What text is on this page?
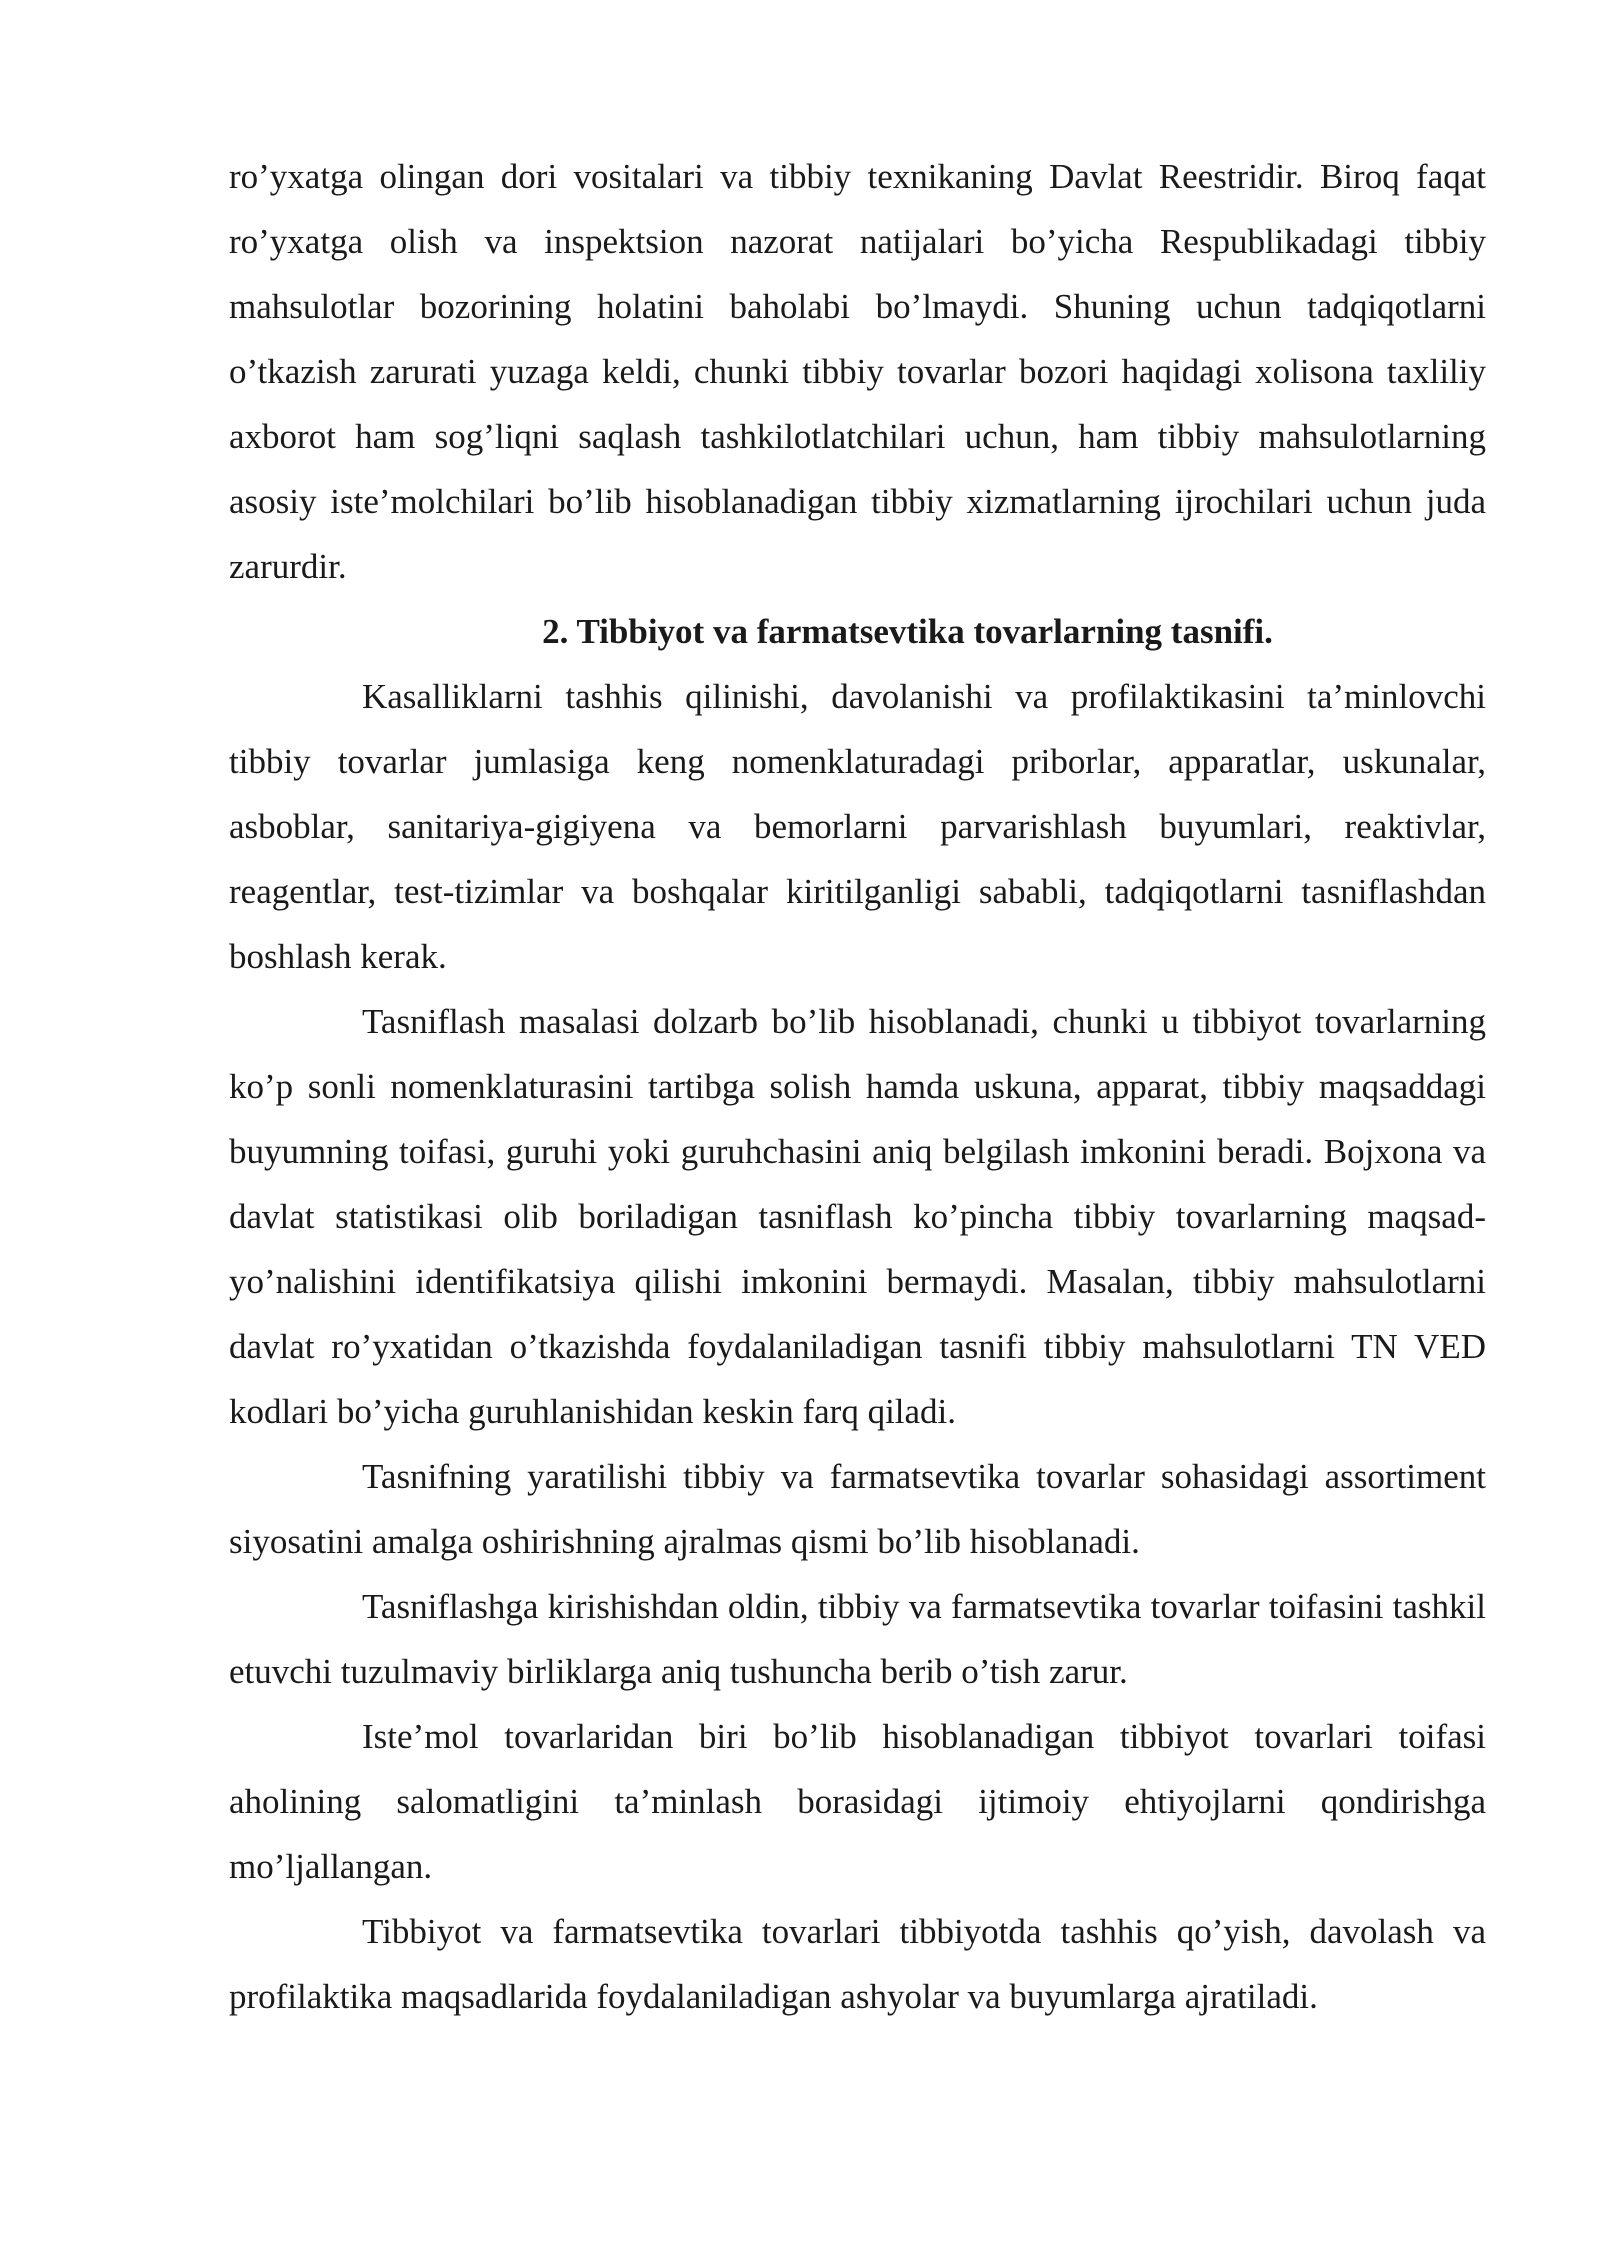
ro’yxatga olingan dori vositalari va tibbiy texnikaning Davlat Reestridir. Biroq faqat ro’yxatga olish va inspektsion nazorat natijalari bo’yicha Respublikadagi tibbiy mahsulotlar bozorining holatini baholabi bo’lmaydi. Shuning uchun tadqiqotlarni o’tkazish zarurati yuzaga keldi, chunki tibbiy tovarlar bozori haqidagi xolisona taxliliy axborot ham sog’liqni saqlash tashkilotlatchilari uchun, ham tibbiy mahsulotlarning asosiy iste’molchilari bo’lib hisoblanadigan tibbiy xizmatlarning ijrochilari uchun juda zarurdir.

2. Tibbiyot va farmatsevtika tovarlarning tasnifi.

Kasalliklarni tashhis qilinishi, davolanishi va profilaktikasini ta’minlovchi tibbiy tovarlar jumlasiga keng nomenklaturadagi priborlar, apparatlar, uskunalar, asboblar, sanitariya-gigiyena va bemorlarni parvarishlash buyumlari, reaktivlar, reagentlar, test-tizimlar va boshqalar kiritilganligi sababli, tadqiqotlarni tasniflashdan boshlash kerak.

Tasniflash masalasi dolzarb bo’lib hisoblanadi, chunki u tibbiyot tovarlarning ko’p sonli nomenklaturasini tartibga solish hamda uskuna, apparat, tibbiy maqsaddagi buyumning toifasi, guruhi yoki guruhchasini aniq belgilash imkonini beradi. Bojxona va davlat statistikasi olib boriladigan tasniflash ko’pincha tibbiy tovarlarning maqsad-yo’nalishini identifikatsiya qilishi imkonini bermaydi. Masalan, tibbiy mahsulotlarni davlat ro’yxatidan o’tkazishda foydalaniladigan tasnifi tibbiy mahsulotlarni TN VED kodlari bo’yicha guruhlanishidan keskin farq qiladi.

Tasnifning yaratilishi tibbiy va farmatsevtika tovarlar sohasidagi assortiment siyosatini amalga oshirishning ajralmas qismi bo’lib hisoblanadi.

Tasniflashga kirishishdan oldin, tibbiy va farmatsevtika tovarlar toifasini tashkil etuvchi tuzulmaviy birliklarga aniq tushuncha berib o’tish zarur.

Iste’mol tovarlaridan biri bo’lib hisoblanadigan tibbiyot tovarlari toifasi aholining salomatligini ta’minlash borasidagi ijtimoiy ehtiyojlarni qondirishga mo’ljallangan.

Tibbiyot va farmatsevtika tovarlari tibbiyotda tashhis qo’yish, davolash va profilaktika maqsadlarida foydalaniladigan ashyolar va buyumlarga ajratiladi.
